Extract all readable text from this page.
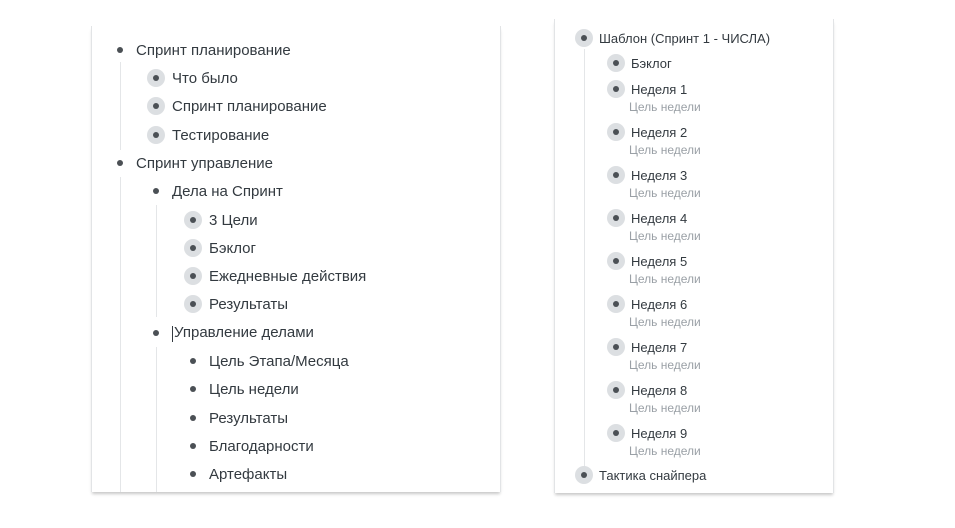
Спринт планирование
Что было
Спринт планирование
Тестирование
Спринт управление
Дела на Спринт
3 Цели
Бэклог
Ежедневные действия
Результаты
Управление делами
Цель Этапа/Месяца
Цель недели
Результаты
Благодарности
Артефакты
Шаблон (Спринт 1 - ЧИСЛА)
Бэклог
Неделя 1
Цель недели
Неделя 2
Цель недели
Неделя 3
Цель недели
Неделя 4
Цель недели
Неделя 5
Цель недели
Неделя 6
Цель недели
Неделя 7
Цель недели
Неделя 8
Цель недели
Неделя 9
Цель недели
Тактика снайпера
